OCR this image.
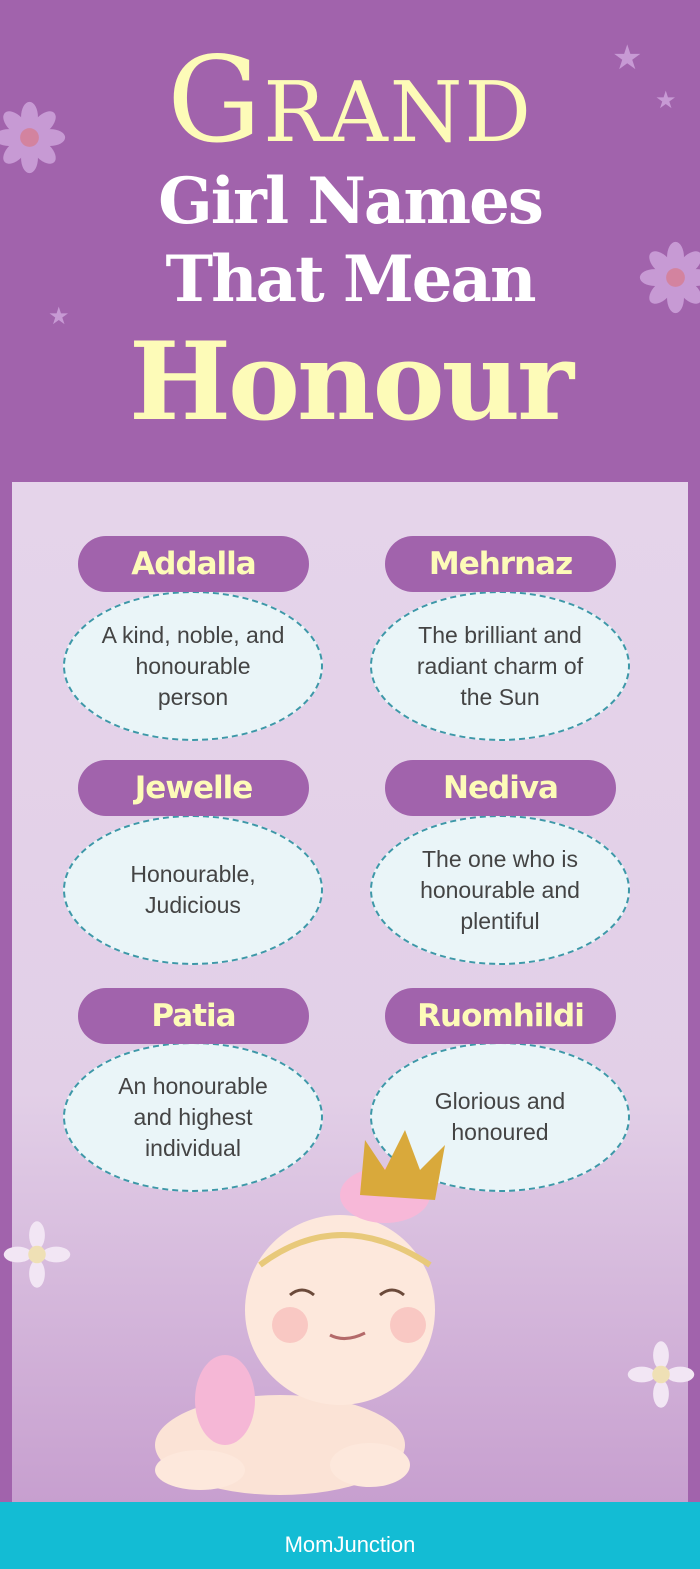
★
★
★
Grand
Girl Names
That Mean
Honour
Addalla
A kind, noble, and honourable person
Mehrnaz
The brilliant and radiant charm of the Sun
Jewelle
Honourable, Judicious
Nediva
The one who is honourable and plentiful
Patia
An honourable and highest individual
Ruomhildi
Glorious and honoured
MomJunction
